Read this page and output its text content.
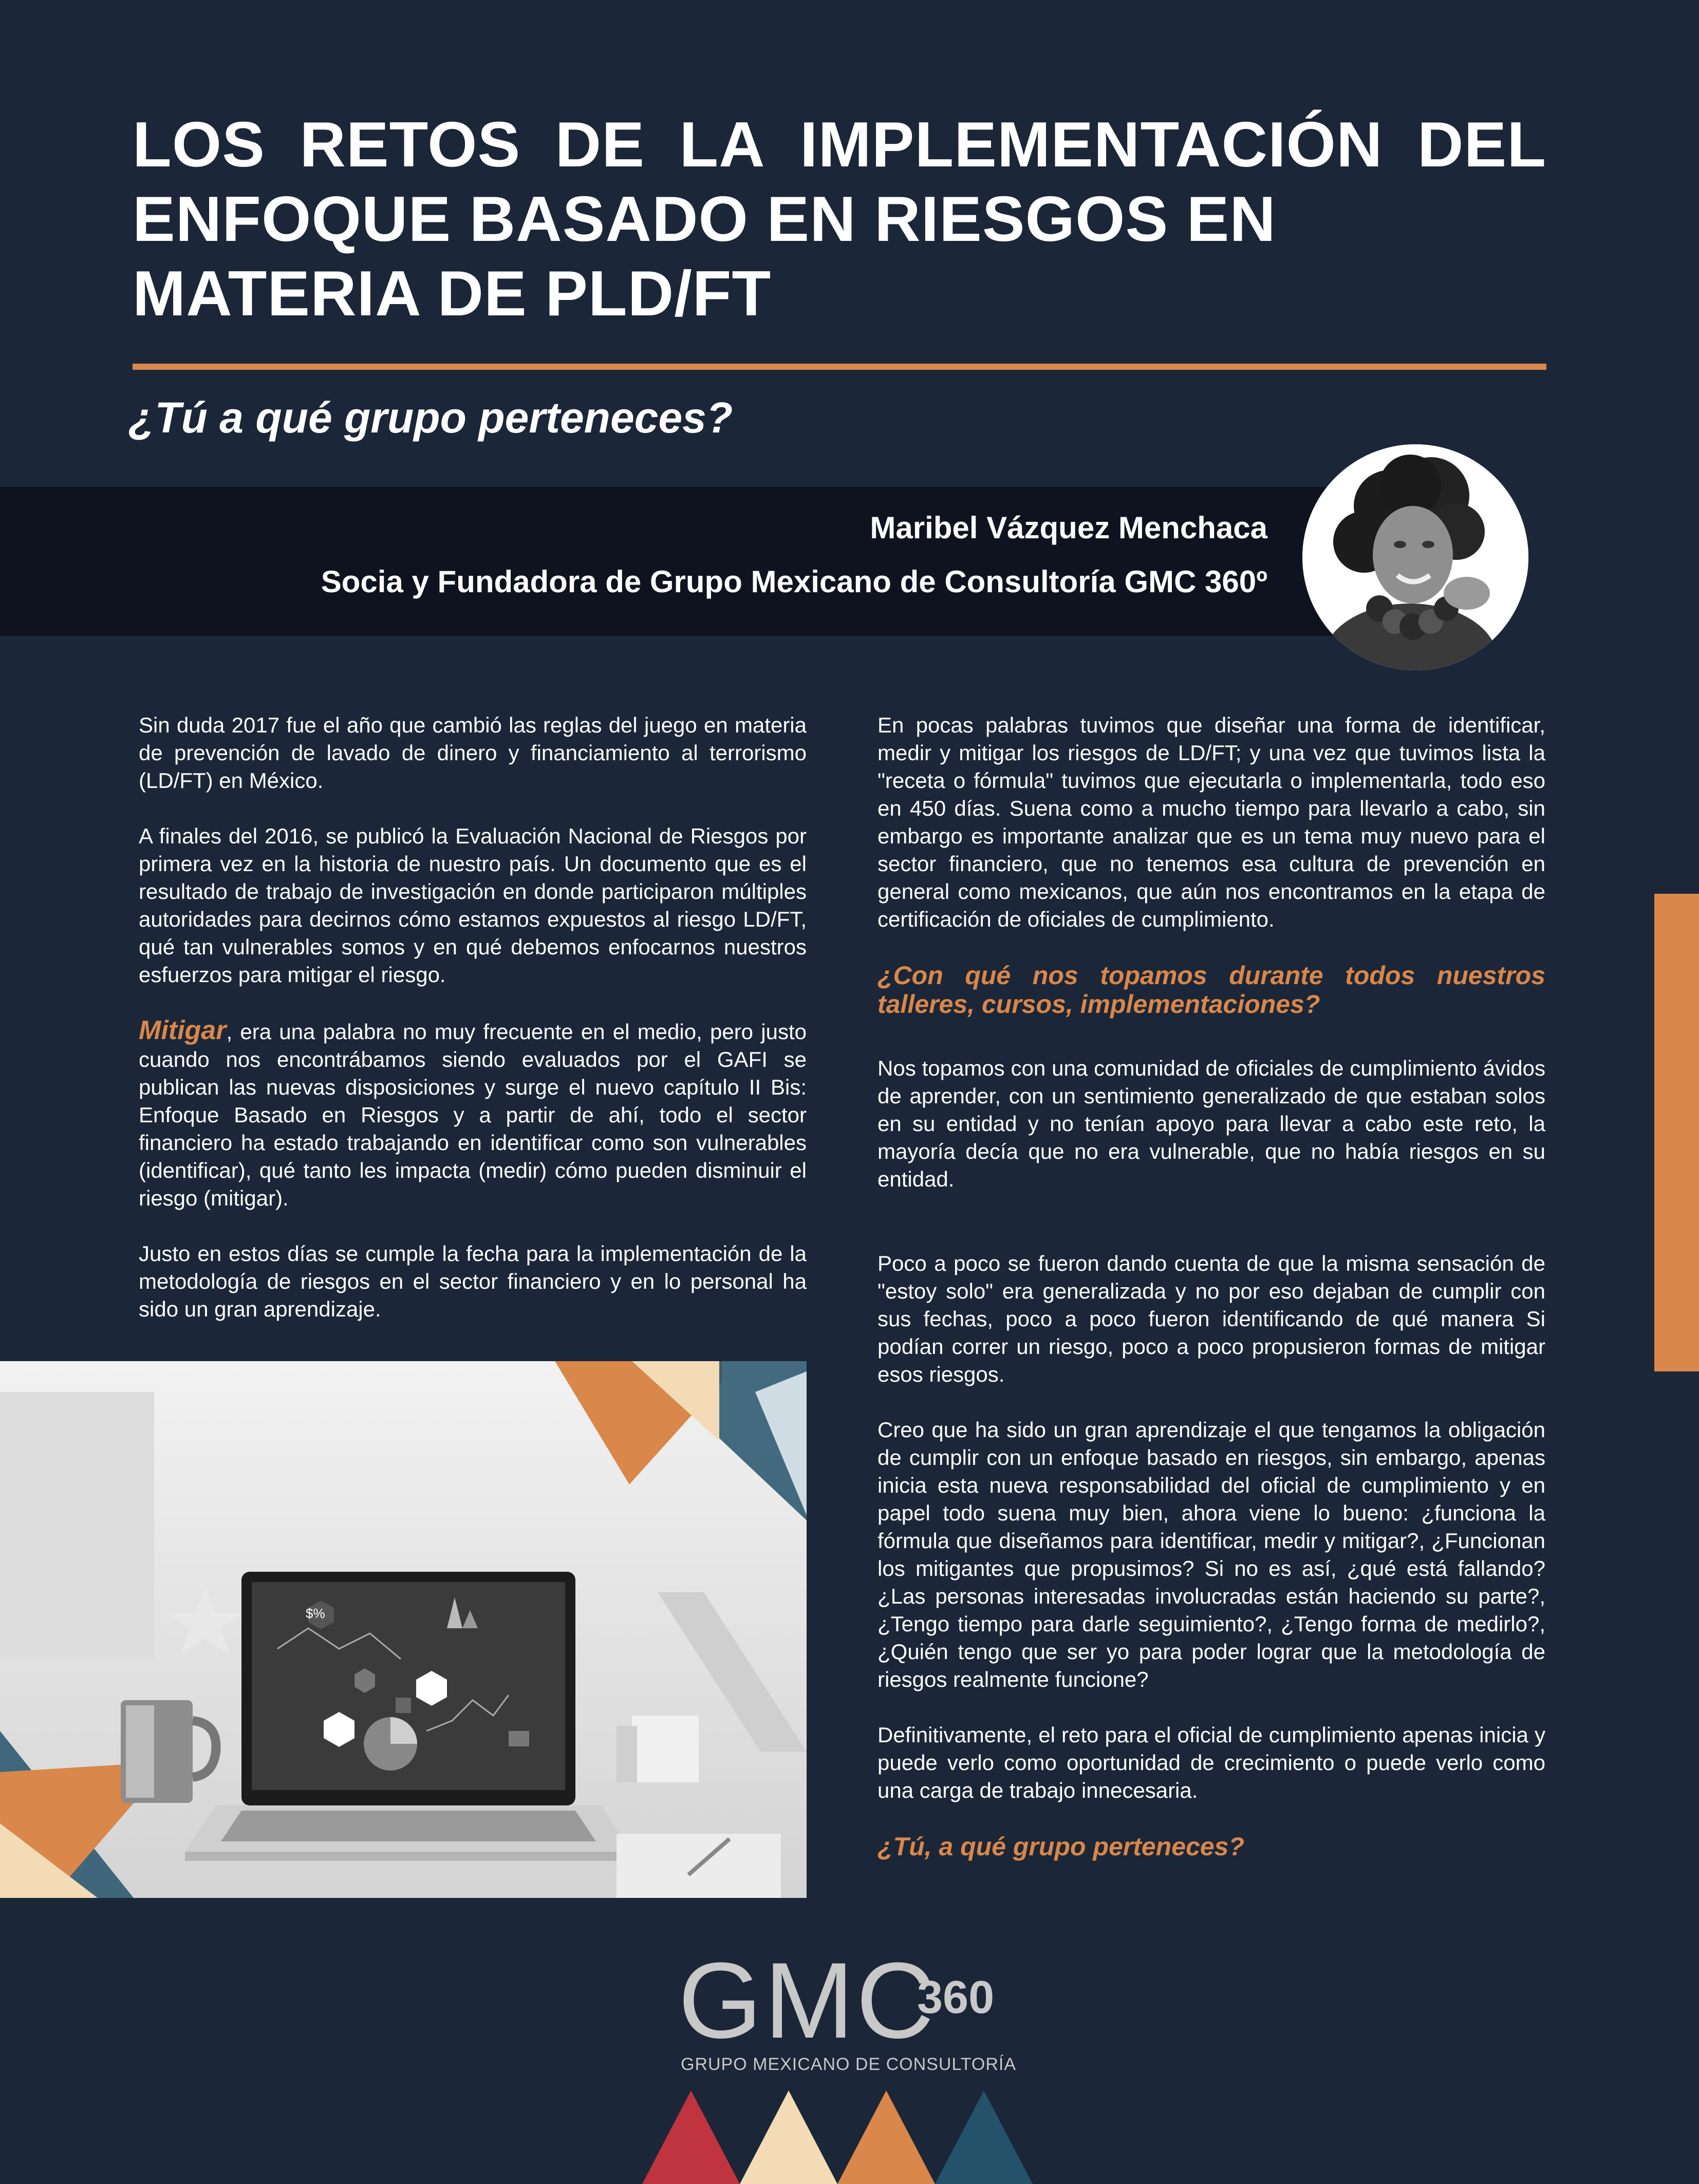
LOS RETOS DE LA IMPLEMENTACIÓN DEL
ENFOQUE BASADO EN RIESGOS EN
MATERIA DE PLD/FT
¿Tú a qué grupo perteneces?
Maribel Vázquez Menchaca
Socia y Fundadora de Grupo Mexicano de Consultoría GMC 360º

Sin duda 2017 fue el año que cambió las reglas del juego en materia de prevención de lavado de dinero y financiamiento al terrorismo (LD/FT) en México.

A finales del 2016, se publicó la Evaluación Nacional de Riesgos por primera vez en la historia de nuestro país. Un documento que es el resultado de trabajo de investigación en donde participaron múltiples autoridades para decirnos cómo estamos expuestos al riesgo LD/FT, qué tan vulnerables somos y en qué debemos enfocarnos nuestros esfuerzos para mitigar el riesgo.

Mitigar, era una palabra no muy frecuente en el medio, pero justo cuando nos encontrábamos siendo evaluados por el GAFI se publican las nuevas disposiciones y surge el nuevo capítulo II Bis: Enfoque Basado en Riesgos y a partir de ahí, todo el sector financiero ha estado trabajando en identificar como son vulnerables (identificar), qué tanto les impacta (medir) cómo pueden disminuir el riesgo (mitigar).

Justo en estos días se cumple la fecha para la implementación de la metodología de riesgos en el sector financiero y en lo personal ha sido un gran aprendizaje.

En pocas palabras tuvimos que diseñar una forma de identificar, medir y mitigar los riesgos de LD/FT; y una vez que tuvimos lista la "receta o fórmula" tuvimos que ejecutarla o implementarla, todo eso en 450 días. Suena como a mucho tiempo para llevarlo a cabo, sin embargo es importante analizar que es un tema muy nuevo para el sector financiero, que no tenemos esa cultura de prevención en general como mexicanos, que aún nos encontramos en la etapa de certificación de oficiales de cumplimiento.

¿Con qué nos topamos durante todos nuestros talleres, cursos, implementaciones?

Nos topamos con una comunidad de oficiales de cumplimiento ávidos de aprender, con un sentimiento generalizado de que estaban solos en su entidad y no tenían apoyo para llevar a cabo este reto, la mayoría decía que no era vulnerable, que no había riesgos en su entidad.

Poco a poco se fueron dando cuenta de que la misma sensación de "estoy solo" era generalizada y no por eso dejaban de cumplir con sus fechas, poco a poco fueron identificando de qué manera Si podían correr un riesgo, poco a poco propusieron formas de mitigar esos riesgos.

Creo que ha sido un gran aprendizaje el que tengamos la obligación de cumplir con un enfoque basado en riesgos, sin embargo, apenas inicia esta nueva responsabilidad del oficial de cumplimiento y en papel todo suena muy bien, ahora viene lo bueno: ¿funciona la fórmula que diseñamos para identificar, medir y mitigar?, ¿Funcionan los mitigantes que propusimos? Si no es así, ¿qué está fallando? ¿Las personas interesadas involucradas están haciendo su parte?, ¿Tengo tiempo para darle seguimiento?, ¿Tengo forma de medirlo?, ¿Quién tengo que ser yo para poder lograr que la metodología de riesgos realmente funcione?

Definitivamente, el reto para el oficial de cumplimiento apenas inicia y puede verlo como oportunidad de crecimiento o puede verlo como una carga de trabajo innecesaria.

¿Tú, a qué grupo perteneces?

$%
GMC
360
GRUPO MEXICANO DE CONSULTORÍA
